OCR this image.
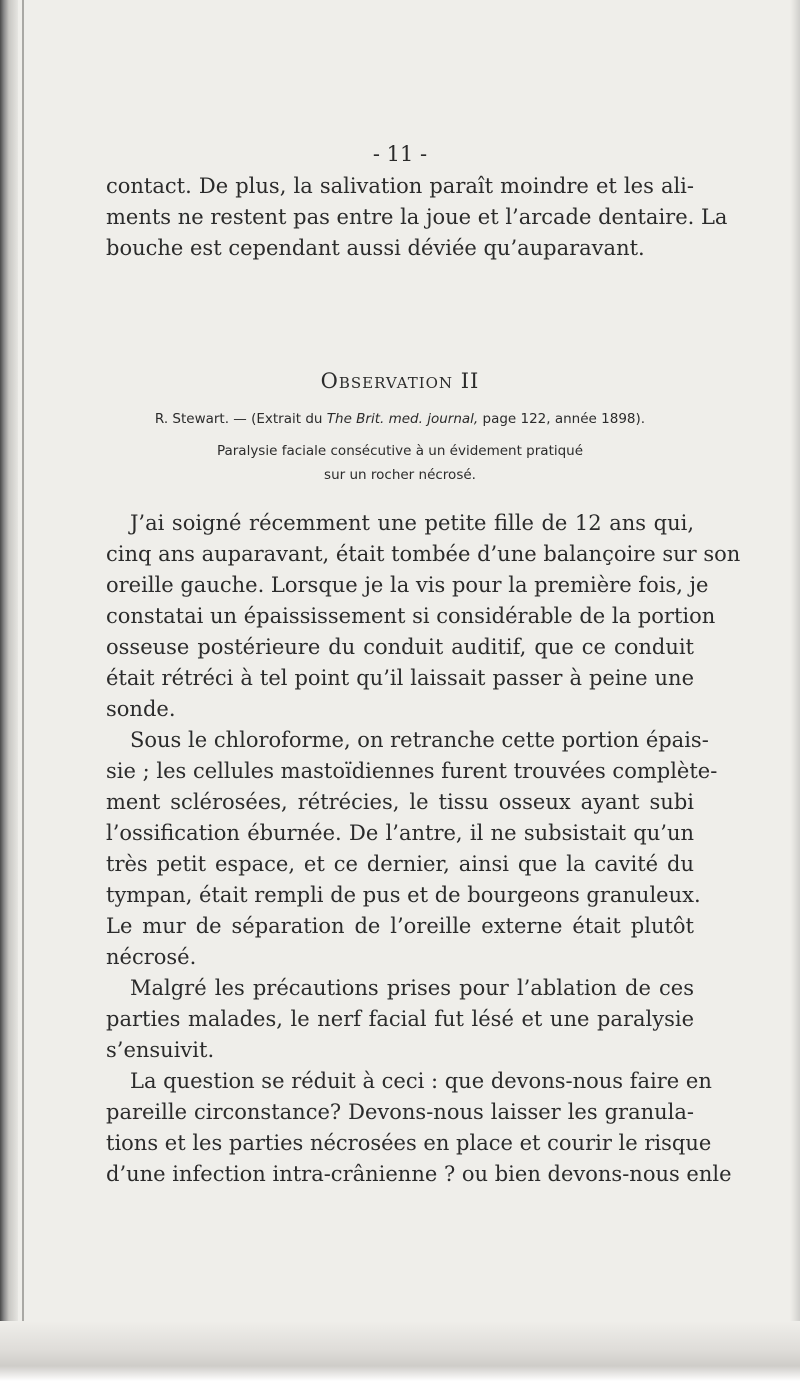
- 11 -
contact. De plus, la salivation paraît moindre et les ali-
ments ne restent pas entre la joue et l’arcade dentaire. La
bouche est cependant aussi déviée qu’auparavant.
Observation II
R. Stewart. — (Extrait du The Brit. med. journal, page 122, année 1898).
Paralysie faciale consécutive à un évidement pratiqué
sur un rocher nécrosé.
J’ai soigné récemment une petite fille de 12 ans qui,
cinq ans auparavant, était tombée d’une balançoire sur son
oreille gauche. Lorsque je la vis pour la première fois, je
constatai un épaississement si considérable de la portion
osseuse postérieure du conduit auditif, que ce conduit
était rétréci à tel point qu’il laissait passer à peine une
sonde.
Sous le chloroforme, on retranche cette portion épais-
sie ; les cellules mastoïdiennes furent trouvées complète-
ment sclérosées, rétrécies, le tissu osseux ayant subi
l’ossification éburnée. De l’antre, il ne subsistait qu’un
très petit espace, et ce dernier, ainsi que la cavité du
tympan, était rempli de pus et de bourgeons granuleux.
Le mur de séparation de l’oreille externe était plutôt
nécrosé.
Malgré les précautions prises pour l’ablation de ces
parties malades, le nerf facial fut lésé et une paralysie
s’ensuivit.
La question se réduit à ceci : que devons-nous faire en
pareille circonstance? Devons-nous laisser les granula-
tions et les parties nécrosées en place et courir le risque
d’une infection intra-crânienne ? ou bien devons-nous enle
